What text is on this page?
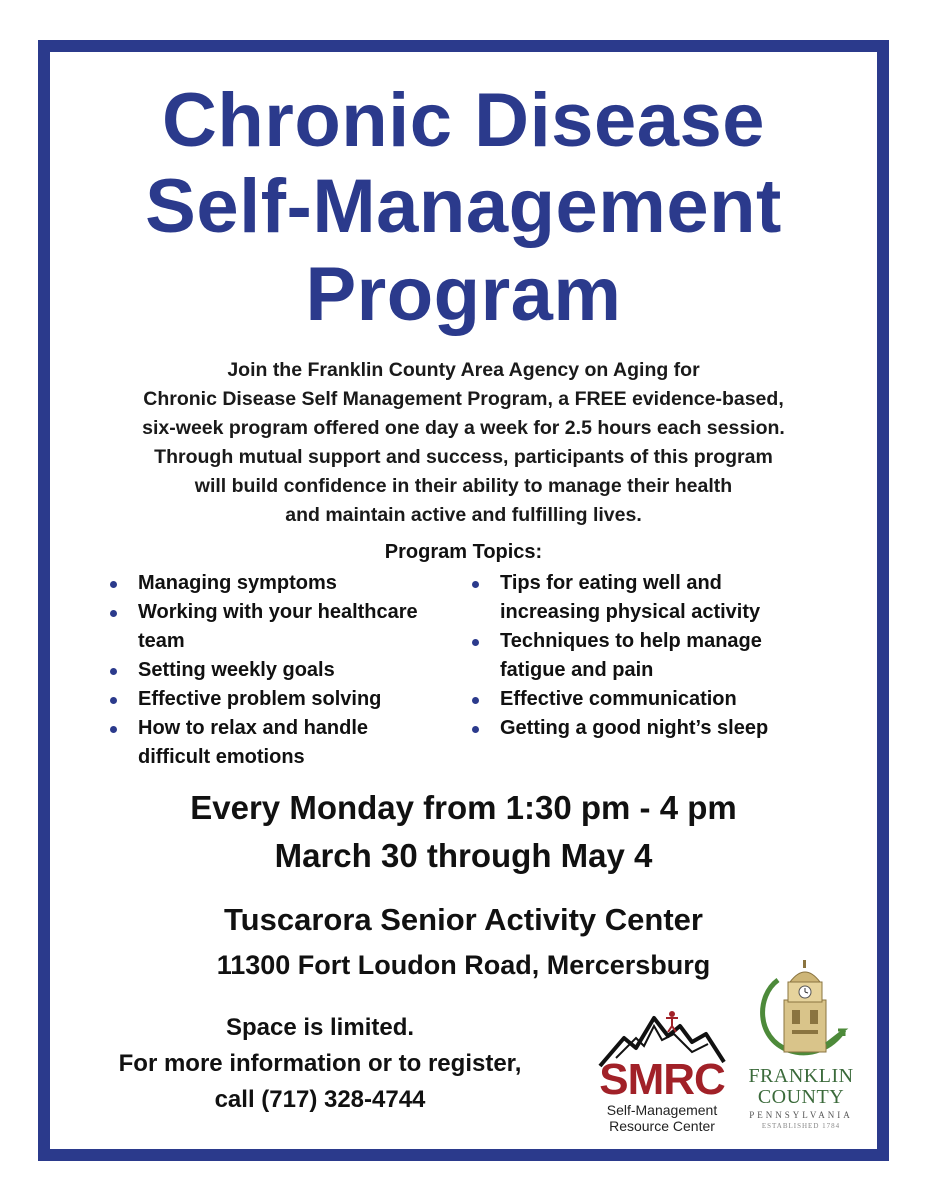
Chronic Disease
Self-Management
Program
Join the Franklin County Area Agency on Aging for
Chronic Disease Self Management Program, a FREE evidence-based,
six-week program offered one day a week for 2.5 hours each session.
Through mutual support and success, participants of this program
will build confidence in their ability to manage their health
and maintain active and fulfilling lives.
Program Topics:
Managing symptoms
Working with your healthcare team
Setting weekly goals
Effective problem solving
How to relax and handle difficult emotions
Tips for eating well and increasing physical activity
Techniques to help manage fatigue and pain
Effective communication
Getting a good night’s sleep
Every Monday from 1:30 pm - 4 pm
March 30 through May 4
Tuscarora Senior Activity Center
11300 Fort Loudon Road, Mercersburg
Space is limited.
For more information or to register,
call (717) 328-4744	SMRC
Self-Management
Resource Center
FRANKLIN
COUNTY
PENNSYLVANIA
ESTABLISHED 1784
